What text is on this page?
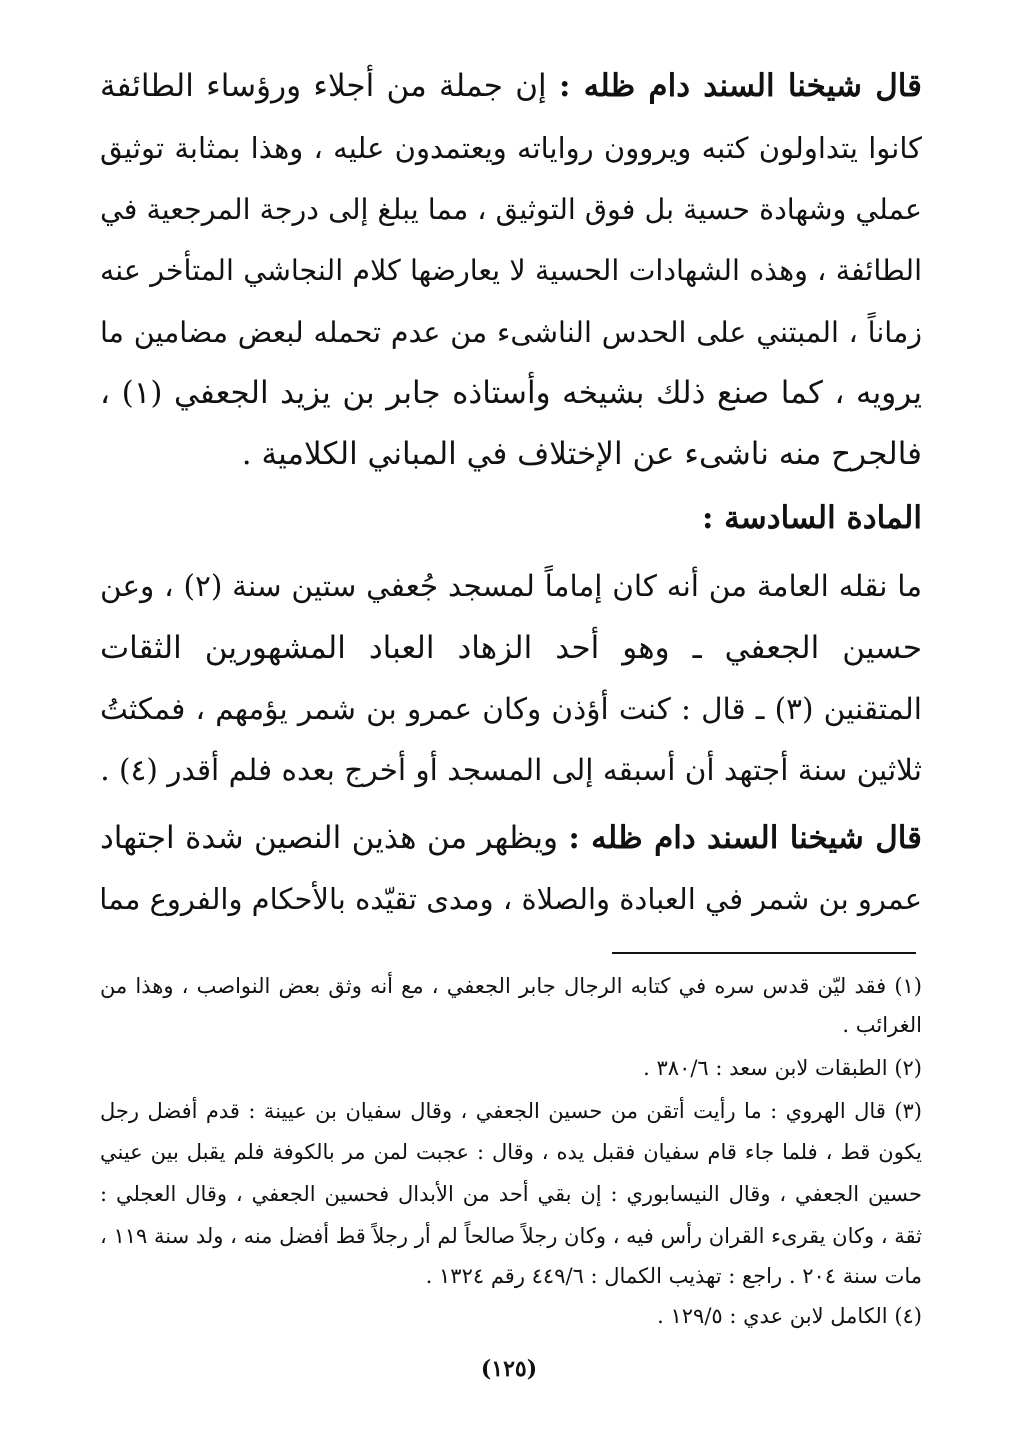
قال شيخنا السند دام ظله : إن جملة من أجلاء ورؤساء الطائفة
كانوا يتداولون كتبه ويروون رواياته ويعتمدون عليه ، وهذا بمثابة توثيق
عملي وشهادة حسية بل فوق التوثيق ، مما يبلغ إلى درجة المرجعية في
الطائفة ، وهذه الشهادات الحسية لا يعارضها كلام النجاشي المتأخر عنه
زماناً ، المبتني على الحدس الناشىء من عدم تحمله لبعض مضامين ما
يرويه ، كما صنع ذلك بشيخه وأستاذه جابر بن يزيد الجعفي (١) ،
فالجرح منه ناشىء عن الإختلاف في المباني الكلامية .
المادة السادسة :
ما نقله العامة من أنه كان إماماً لمسجد جُعفي ستين سنة (٢) ، وعن
حسين الجعفي ـ وهو أحد الزهاد العباد المشهورين الثقات
المتقنين (٣) ـ قال : كنت أؤذن وكان عمرو بن شمر يؤمهم ، فمكثتُ
ثلاثين سنة أجتهد أن أسبقه إلى المسجد أو أخرج بعده فلم أقدر (٤) .
قال شيخنا السند دام ظله : ويظهر من هذين النصين شدة اجتهاد
عمرو بن شمر في العبادة والصلاة ، ومدى تقيّده بالأحكام والفروع مما
(١) فقد ليّن قدس سره في كتابه الرجال جابر الجعفي ، مع أنه وثق بعض النواصب ، وهذا من
الغرائب .
(٢) الطبقات لابن سعد : ٣٨٠/٦ .
(٣) قال الهروي : ما رأيت أتقن من حسين الجعفي ، وقال سفيان بن عيينة : قدم أفضل رجل
يكون قط ، فلما جاء قام سفيان فقبل يده ، وقال : عجبت لمن مر بالكوفة فلم يقبل بين عيني
حسين الجعفي ، وقال النيسابوري : إن بقي أحد من الأبدال فحسين الجعفي ، وقال العجلي :
ثقة ، وكان يقرىء القران رأس فيه ، وكان رجلاً صالحاً لم أر رجلاً قط أفضل منه ، ولد سنة ١١٩ ،
مات سنة ٢٠٤ . راجع : تهذيب الكمال : ٤٤٩/٦ رقم ١٣٢٤ .
(٤) الكامل لابن عدي : ١٢٩/٥ .
(١٢٥)
